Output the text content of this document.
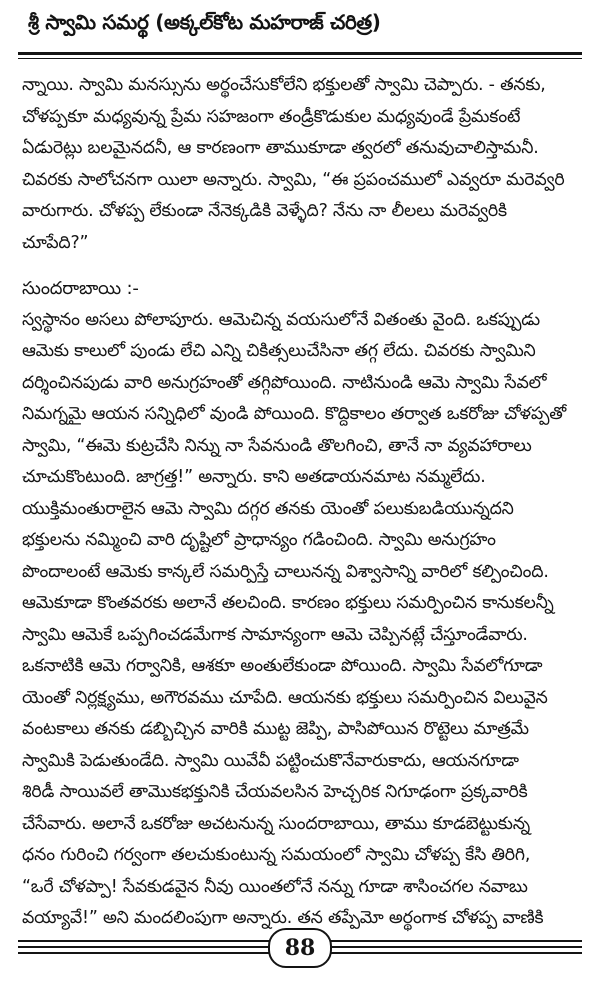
శ్రీ స్వామి సమర్థ (అక్కల్‌కోట మహరాజ్ చరిత్ర)
న్నాయి. స్వామి మనస్సును అర్థంచేసుకోలేని భక్తులతో స్వామి చెప్పారు. - తనకు,
చోళప్పకూ మధ్యవున్న ప్రేమ సహజంగా తండ్రీకొడుకుల మధ్యవుండే ప్రేమకంటే
ఏడురెట్లు బలమైనదనీ, ఆ కారణంగా తాముకూడా త్వరలో తనువుచాలిస్తామనీ.
చివరకు సాలోచనగా యిలా అన్నారు. స్వామి, “ఈ ప్రపంచములో ఎవ్వరూ మరెవ్వరి
వారుగారు. చోళప్ప లేకుండా నేనెక్కడికి వెళ్ళేది? నేను నా లీలలు మరెవ్వరికి
చూపేది?”
సుందరాబాయి :-
స్వస్థానం అసలు పోలాపూరు. ఆమెచిన్న వయసులోనే వితంతు వైంది. ఒకప్పుడు
ఆమెకు కాలులో పుండు లేచి ఎన్ని చికిత్సలుచేసినా తగ్గ లేదు. చివరకు స్వామిని
దర్శించినపుడు వారి అనుగ్రహంతో తగ్గిపోయింది. నాటినుండి ఆమె స్వామి సేవలో
నిమగ్నమై ఆయన సన్నిధిలో వుండి పోయింది. కొద్దికాలం తర్వాత ఒకరోజు చోళప్పతో
స్వామి, “ఈమె కుట్రచేసి నిన్ను నా సేవనుండి తొలగించి, తానే నా వ్యవహారాలు
చూచుకొంటుంది. జాగ్రత్త!” అన్నారు. కాని అతడాయనమాట నమ్మలేదు.
యుక్తిమంతురాలైన ఆమె స్వామి దగ్గర తనకు యెంతో పలుకుబడియున్నదని
భక్తులను నమ్మించి వారి దృష్టిలో ప్రాధాన్యం గడించింది. స్వామి అనుగ్రహం
పొందాలంటే ఆమెకు కాన్కలే సమర్పిస్తే చాలునన్న విశ్వాసాన్ని వారిలో కల్పించింది.
ఆమెకూడా కొంతవరకు అలానే తలచింది. కారణం భక్తులు సమర్పించిన కానుకలన్నీ
స్వామి ఆమెకే ఒప్పగించడమేగాక సామాన్యంగా ఆమె చెప్పినట్లే చేస్తూండేవారు.
ఒకనాటికి ఆమె గర్వానికి, ఆశకూ అంతులేకుండా పోయింది. స్వామి సేవలోగూడా
యెంతో నిర్లక్ష్యము, అగౌరవము చూపేది. ఆయనకు భక్తులు సమర్పించిన విలువైన
వంటకాలు తనకు డబ్బిచ్చిన వారికి ముట్ట జెప్పి, పాసిపోయిన రొట్టెలు మాత్రమే
స్వామికి పెడుతుండేది. స్వామి యివేవీ పట్టించుకొనేవారుకాదు, ఆయనగూడా
శిరిడీ సాయివలే తామొకభక్తునికి చేయవలసిన హెచ్చరిక నిగూఢంగా ప్రక్కవారికి
చేసేవారు. అలానే ఒకరోజు అచటనున్న సుందరాబాయి, తాము కూడబెట్టుకున్న
ధనం గురించి గర్వంగా తలచుకుంటున్న సమయంలో స్వామి చోళప్ప కేసి తిరిగి,
“ఒరే చోళప్పా! సేవకుడవైన నీవు యింతలోనే నన్ను గూడా శాసించగల నవాబు
వయ్యావే!” అని మందలింపుగా అన్నారు. తన తప్పేమో అర్థంగాక చోళప్ప వాణికి
88
